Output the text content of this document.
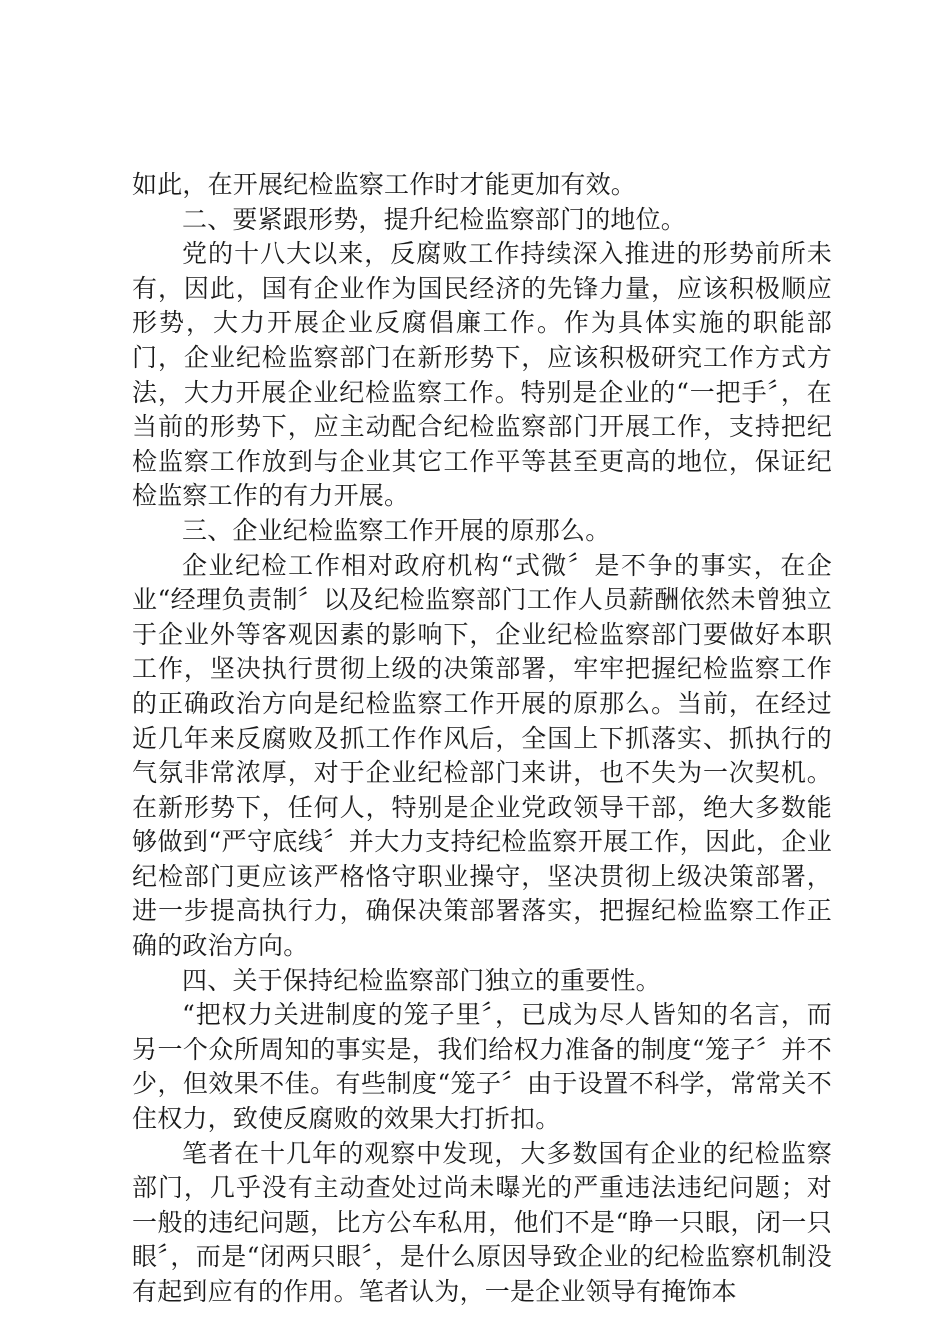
如此，在开展纪检监察工作时才能更加有效。

二、要紧跟形势，提升纪检监察部门的地位。

党的十八大以来，反腐败工作持续深入推进的形势前所未有，因此，国有企业作为国民经济的先锋力量，应该积极顺应形势，大力开展企业反腐倡廉工作。作为具体实施的职能部门，企业纪检监察部门在新形势下，应该积极研究工作方式方法，大力开展企业纪检监察工作。特别是企业的“一把手〞，在当前的形势下，应主动配合纪检监察部门开展工作，支持把纪检监察工作放到与企业其它工作平等甚至更高的地位，保证纪检监察工作的有力开展。

三、企业纪检监察工作开展的原那么。

企业纪检工作相对政府机构“式微〞是不争的事实，在企业“经理负责制〞以及纪检监察部门工作人员薪酬依然未曾独立于企业外等客观因素的影响下，企业纪检监察部门要做好本职工作，坚决执行贯彻上级的决策部署，牢牢把握纪检监察工作的正确政治方向是纪检监察工作开展的原那么。当前，在经过近几年来反腐败及抓工作作风后，全国上下抓落实、抓执行的气氛非常浓厚，对于企业纪检部门来讲，也不失为一次契机。在新形势下，任何人，特别是企业党政领导干部，绝大多数能够做到“严守底线〞并大力支持纪检监察开展工作，因此，企业纪检部门更应该严格恪守职业操守，坚决贯彻上级决策部署，进一步提高执行力，确保决策部署落实，把握纪检监察工作正确的政治方向。

四、关于保持纪检监察部门独立的重要性。

“把权力关进制度的笼子里〞，已成为尽人皆知的名言，而另一个众所周知的事实是，我们给权力准备的制度“笼子〞并不少，但效果不佳。有些制度“笼子〞由于设置不科学，常常关不住权力，致使反腐败的效果大打折扣。

笔者在十几年的观察中发现，大多数国有企业的纪检监察部门，几乎没有主动查处过尚未曝光的严重违法违纪问题；对一般的违纪问题，比方公车私用，他们不是“睁一只眼，闭一只眼〞，而是“闭两只眼〞，是什么原因导致企业的纪检监察机制没有起到应有的作用。笔者认为，一是企业领导有掩饰本
